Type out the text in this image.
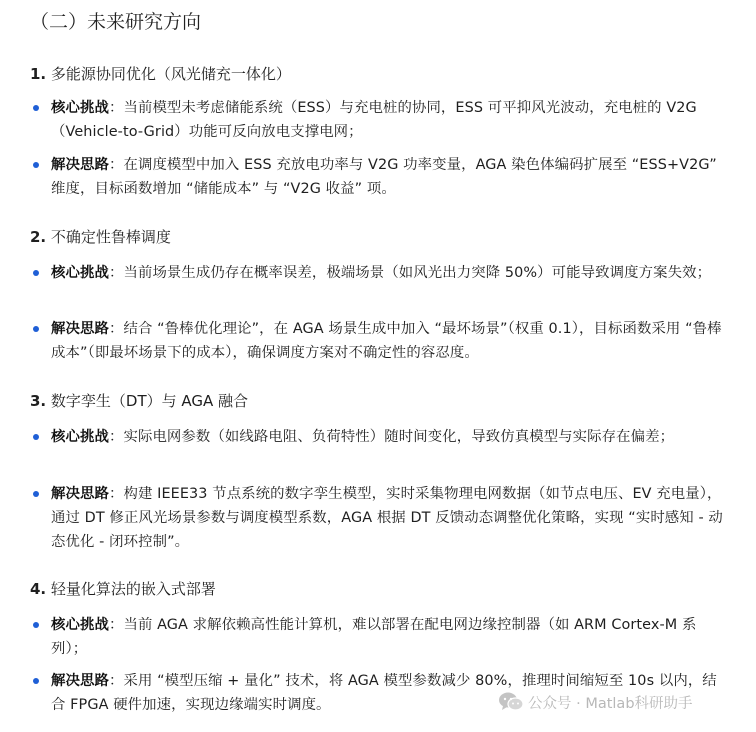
（二）未来研究方向
1. 多能源协同优化（风光储充一体化）
核心挑战：当前模型未考虑储能系统（ESS）与充电桩的协同，ESS 可平抑风光波动，充电桩的 V2G（Vehicle-to-Grid）功能可反向放电支撑电网；
解决思路：在调度模型中加入 ESS 充放电功率与 V2G 功率变量，AGA 染色体编码扩展至 “ESS+V2G” 维度，目标函数增加 “储能成本” 与 “V2G 收益” 项。
2. 不确定性鲁棒调度
核心挑战：当前场景生成仍存在概率误差，极端场景（如风光出力突降 50%）可能导致调度方案失效；
解决思路：结合 “鲁棒优化理论”，在 AGA 场景生成中加入 “最坏场景”（权重 0.1），目标函数采用 “鲁棒成本”（即最坏场景下的成本），确保调度方案对不确定性的容忍度。
3. 数字孪生（DT）与 AGA 融合
核心挑战：实际电网参数（如线路电阻、负荷特性）随时间变化，导致仿真模型与实际存在偏差；
解决思路：构建 IEEE33 节点系统的数字孪生模型，实时采集物理电网数据（如节点电压、EV 充电量），通过 DT 修正风光场景参数与调度模型系数，AGA 根据 DT 反馈动态调整优化策略，实现 “实时感知 - 动态优化 - 闭环控制”。
4. 轻量化算法的嵌入式部署
核心挑战：当前 AGA 求解依赖高性能计算机，难以部署在配电网边缘控制器（如 ARM Cortex-M 系列）；
解决思路：采用 “模型压缩 + 量化” 技术，将 AGA 模型参数减少 80%，推理时间缩短至 10s 以内，结合 FPGA 硬件加速，实现边缘端实时调度。	公众号 · Matlab科研助手
